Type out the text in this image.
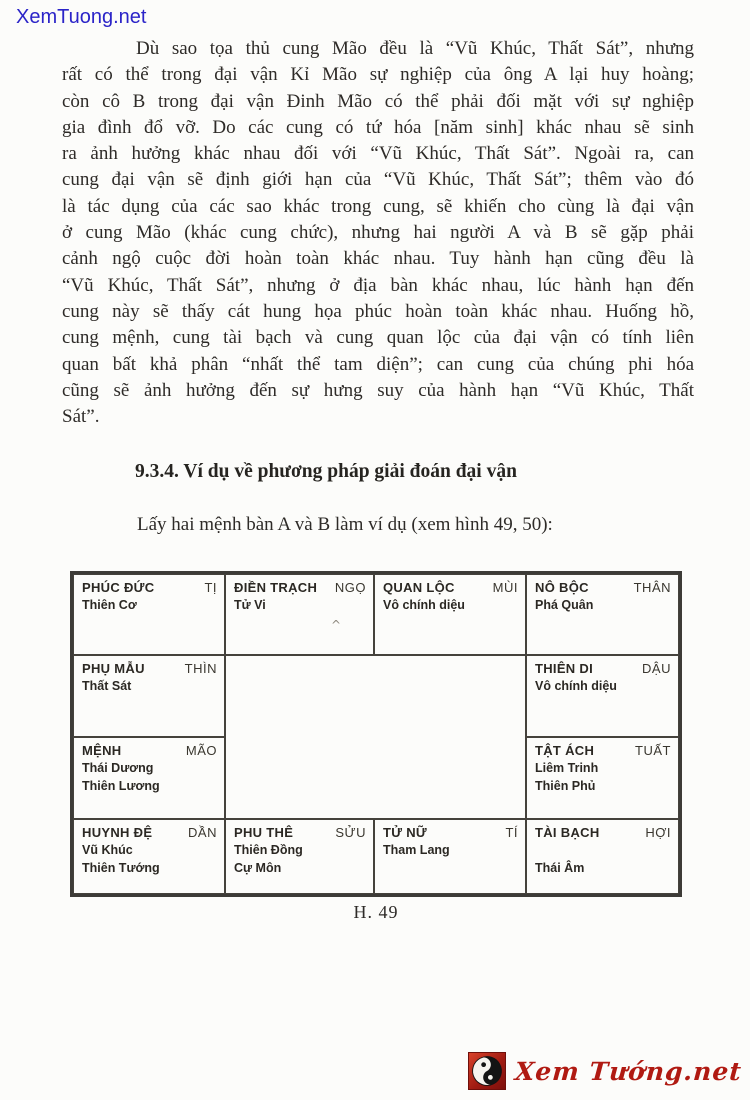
XemTuong.net
Dù sao tọa thủ cung Mão đều là “Vũ Khúc, Thất Sát”, nhưng
rất có thể trong đại vận Kỉ Mão sự nghiệp của ông A lại huy hoàng;
còn cô B trong đại vận Đinh Mão có thể phải đối mặt với sự nghiệp
gia đình đổ vỡ. Do các cung có tứ hóa [năm sinh] khác nhau sẽ sinh
ra ảnh hưởng khác nhau đối với “Vũ Khúc, Thất Sát”. Ngoài ra, can
cung đại vận sẽ định giới hạn của “Vũ Khúc, Thất Sát”; thêm vào đó
là tác dụng của các sao khác trong cung, sẽ khiến cho cùng là đại vận
ở cung Mão (khác cung chức), nhưng hai người A và B sẽ gặp phải
cảnh ngộ cuộc đời hoàn toàn khác nhau. Tuy hành hạn cũng đều là
“Vũ Khúc, Thất Sát”, nhưng ở địa bàn khác nhau, lúc hành hạn đến
cung này sẽ thấy cát hung họa phúc hoàn toàn khác nhau. Huống hồ,
cung mệnh, cung tài bạch và cung quan lộc của đại vận có tính liên
quan bất khả phân “nhất thể tam diện”; can cung của chúng phi hóa
cũng sẽ ảnh hưởng đến sự hưng suy của hành hạn “Vũ Khúc, Thất
Sát”.
9.3.4. Ví dụ về phương pháp giải đoán đại vận
Lấy hai mệnh bàn A và B làm ví dụ (xem hình 49, 50):
PHÚC ĐỨC	TỊ
Thiên Cơ
ĐIỀN TRẠCH NGỌ
Tử Vi
^
QUAN LỘC	MÙI
Vô chính diệu
NÔ BỘC	THÂN
Phá Quân
PHỤ MẪU	THÌN
Thất Sát
THIÊN DI	DẬU
Vô chính diệu
MỆNH	MÃO
Thái Dương
Thiên Lương
TẬT ÁCH	TUẤT
Liêm Trinh
Thiên Phủ
HUYNH ĐỆ	DẦN
Vũ Khúc
Thiên Tướng
PHU THÊ	SỬU
Thiên Đồng
Cự Môn
TỬ NỮ	TÍ
Tham Lang
TÀI BẠCH	HỢI
Thái Âm
H. 49
Xem Tướng.net
